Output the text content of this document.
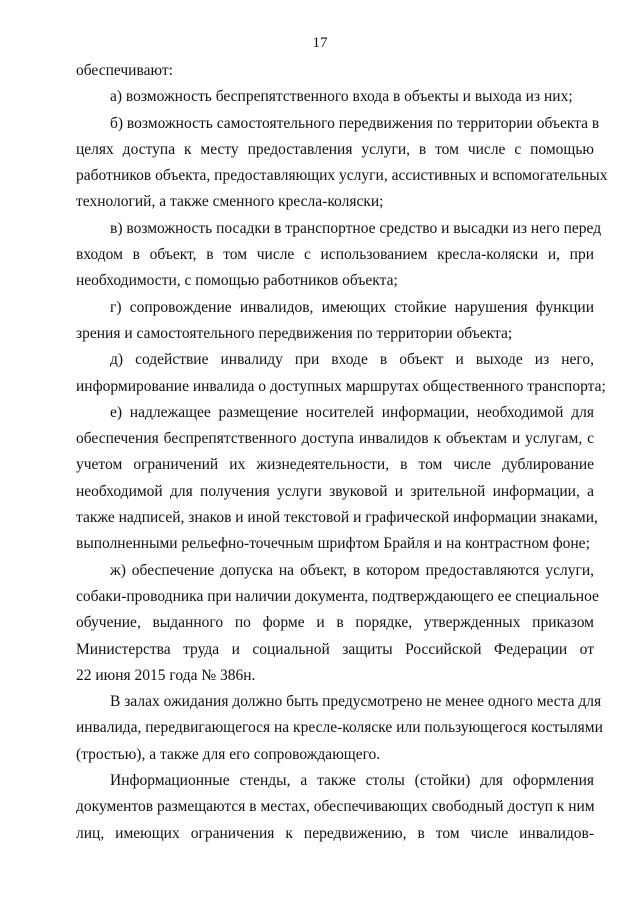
17

обеспечивают:

а) возможность беспрепятственного входа в объекты и выхода из них;

б) возможность самостоятельного передвижения по территории объекта в
целях доступа к месту предоставления услуги, в том числе с помощью
работников объекта, предоставляющих услуги, ассистивных и вспомогательных
технологий, а также сменного кресла-коляски;

в) возможность посадки в транспортное средство и высадки из него перед
входом в объект, в том числе с использованием кресла-коляски и, при
необходимости, с помощью работников объекта;

г) сопровождение инвалидов, имеющих стойкие нарушения функции
зрения и самостоятельного передвижения по территории объекта;

д) содействие инвалиду при входе в объект и выходе из него,
информирование инвалида о доступных маршрутах общественного транспорта;

е) надлежащее размещение носителей информации, необходимой для
обеспечения беспрепятственного доступа инвалидов к объектам и услугам, с
учетом ограничений их жизнедеятельности, в том числе дублирование
необходимой для получения услуги звуковой и зрительной информации, а
также надписей, знаков и иной текстовой и графической информации знаками,
выполненными рельефно-точечным шрифтом Брайля и на контрастном фоне;

ж) обеспечение допуска на объект, в котором предоставляются услуги,
собаки-проводника при наличии документа, подтверждающего ее специальное
обучение, выданного по форме и в порядке, утвержденных приказом
Министерства труда и социальной защиты Российской Федерации от
22 июня 2015 года № 386н.

В залах ожидания должно быть предусмотрено не менее одного места для
инвалида, передвигающегося на кресле-коляске или пользующегося костылями
(тростью), а также для его сопровождающего.

Информационные стенды, а также столы (стойки) для оформления
документов размещаются в местах, обеспечивающих свободный доступ к ним
лиц, имеющих ограничения к передвижению, в том числе инвалидов-
